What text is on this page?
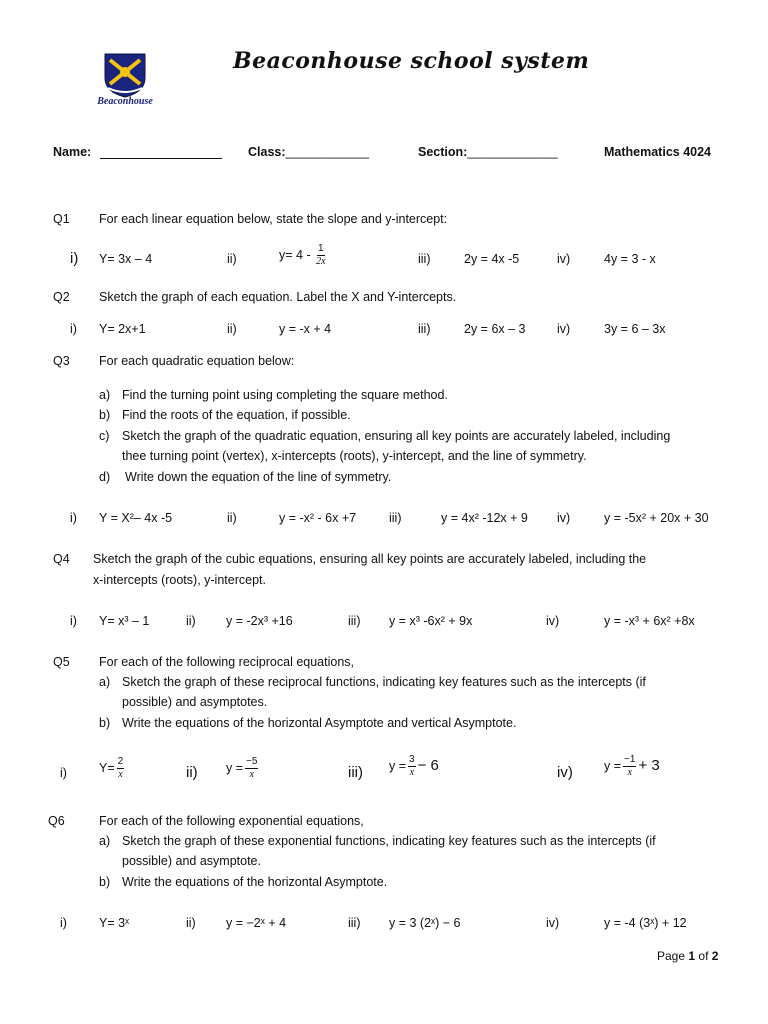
Beaconhouse
Beaconhouse school system
Name:	Class:____________	Section:_____________	Mathematics 4024
Q1 For each linear equation below, state the slope and y-intercept:
i) Y= 3x – 4	ii)	$y= 4 - \frac{1}{2x}$	iii)	2y = 4x -5	iv)	4y = 3 - x
Q2 Sketch the graph of each equation. Label the X and Y-intercepts.
i) Y= 2x+1	ii)	y = -x + 4	iii)	2y = 6x – 3	iv)	3y = 6 – 3x
Q3 For each quadratic equation below:
a) Find the turning point using completing the square method.
b) Find the roots of the equation, if possible.
c) Sketch the graph of the quadratic equation, ensuring all key points are accurately labeled, including
thee turning point (vertex), x-intercepts (roots), y-intercept, and the line of symmetry.
d) Write down the equation of the line of symmetry.
i) Y = X²– 4x -5	ii)	y = -x² - 6x +7	iii)	y = 4x² -12x + 9 iv)	y = -5x² + 20x + 30
Q4 Sketch the graph of the cubic equations, ensuring all key points are accurately labeled, including the
x-intercepts (roots), y-intercept.
i) Y= x³ – 1	ii) y = -2x³ +16	iii) y = x³ -6x² + 9x	iv)	y = -x³ + 6x² +8x
Q5 For each of the following reciprocal equations,
a) Sketch the graph of these reciprocal functions, indicating key features such as the intercepts (if
possible) and asymptotes.
b) Write the equations of the horizontal Asymptote and vertical Asymptote.
i)	$Y= \frac{2}{x}$	ii) $y = \frac{-5}{x}$	iii) $y = \frac{3}{x} - 6$	iv) $y = \frac{-1}{x} + 3$
Q6	For each of the following exponential equations,
a) Sketch the graph of these exponential functions, indicating key features such as the intercepts (if
possible) and asymptote.
b) Write the equations of the horizontal Asymptote.
i)	Y= 3ˣ	ii) y = −2ˣ + 4	iii) y = 3 (2ˣ) − 6	iv)	y = -4 (3ˣ) + 12
Page 1 of 2
